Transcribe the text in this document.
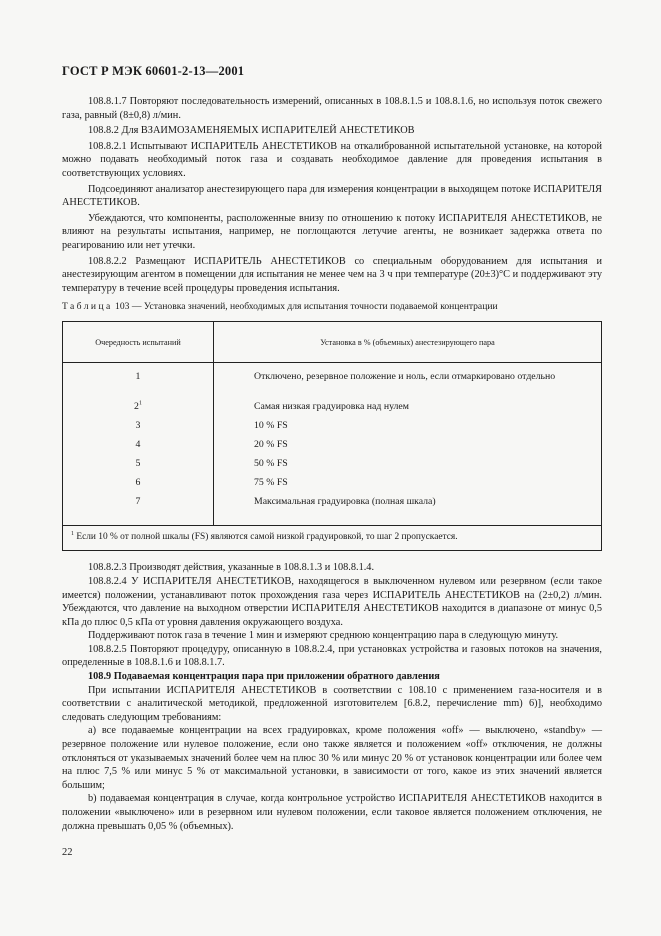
ГОСТ Р МЭК 60601-2-13—2001

108.8.1.7 Повторяют последовательность измерений, описанных в 108.8.1.5 и 108.8.1.6, но используя поток свежего газа, равный (8±0,8) л/мин.

108.8.2 Для ВЗАИМОЗАМЕНЯЕМЫХ ИСПАРИТЕЛЕЙ АНЕСТЕТИКОВ

108.8.2.1 Испытывают ИСПАРИТЕЛЬ АНЕСТЕТИКОВ на откалиброванной испытательной установке, на которой можно подавать необходимый поток газа и создавать необходимое давление для проведения испытания в соответствующих условиях.

Подсоединяют анализатор анестезирующего пара для измерения концентрации в выходящем потоке ИСПАРИТЕЛЯ АНЕСТЕТИКОВ.

Убеждаются, что компоненты, расположенные внизу по отношению к потоку ИСПАРИТЕЛЯ АНЕСТЕТИКОВ, не влияют на результаты испытания, например, не поглощаются летучие агенты, не возникает задержка ответа по реагированию или нет утечки.

108.8.2.2 Размещают ИСПАРИТЕЛЬ АНЕСТЕТИКОВ со специальным оборудованием для испытания и анестезирующим агентом в помещении для испытания не менее чем на 3 ч при температуре (20±3)°С и поддерживают эту температуру в течение всей процедуры проведения испытания.

Таблица 103 — Установка значений, необходимых для испытания точности подаваемой концентрации
Очередность испытаний	Установка в % (объемных) анестезирующего пара
1	Отключено, резервное положение и ноль, если отмаркировано отдельно
$2^1$	Самая низкая градуировка над нулем
3	10 % FS
4	20 % FS
5	50 % FS
6	75 % FS
7	Максимальная градуировка (полная шкала)
$^1$ Если 10 % от полной шкалы (FS) являются самой низкой градуировкой, то шаг 2 пропускается.	

108.8.2.3 Производят действия, указанные в 108.8.1.3 и 108.8.1.4.

108.8.2.4 У ИСПАРИТЕЛЯ АНЕСТЕТИКОВ, находящегося в выключенном нулевом или резервном (если такое имеется) положении, устанавливают поток прохождения газа через ИСПАРИТЕЛЬ АНЕСТЕТИКОВ на (2±0,2) л/мин. Убеждаются, что давление на выходном отверстии ИСПАРИТЕЛЯ АНЕСТЕТИКОВ находится в диапазоне от минус 0,5 кПа до плюс 0,5 кПа от уровня давления окружающего воздуха.

Поддерживают поток газа в течение 1 мин и измеряют среднюю концентрацию пара в следующую минуту.

108.8.2.5 Повторяют процедуру, описанную в 108.8.2.4, при установках устройства и газовых потоков на значения, определенные в 108.8.1.6 и 108.8.1.7.

108.9 Подаваемая концентрация пара при приложении обратного давления

При испытании ИСПАРИТЕЛЯ АНЕСТЕТИКОВ в соответствии с 108.10 с применением газа-носителя и в соответствии с аналитической методикой, предложенной изготовителем [6.8.2, перечисление mm) 6)], необходимо следовать следующим требованиям:

a) все подаваемые концентрации на всех градуировках, кроме положения «off» — выключено, «standby» — резервное положение или нулевое положение, если оно также является и положением «off» отключения, не должны отклоняться от указываемых значений более чем на плюс 30 % или минус 20 % от установок концентрации или более чем на плюс 7,5 % или минус 5 % от максимальной установки, в зависимости от того, какое из этих значений является большим;

b) подаваемая концентрация в случае, когда контрольное устройство ИСПАРИТЕЛЯ АНЕСТЕТИКОВ находится в положении «выключено» или в резервном или нулевом положении, если таковое является положением отключения, не должна превышать 0,05 % (объемных).

22
